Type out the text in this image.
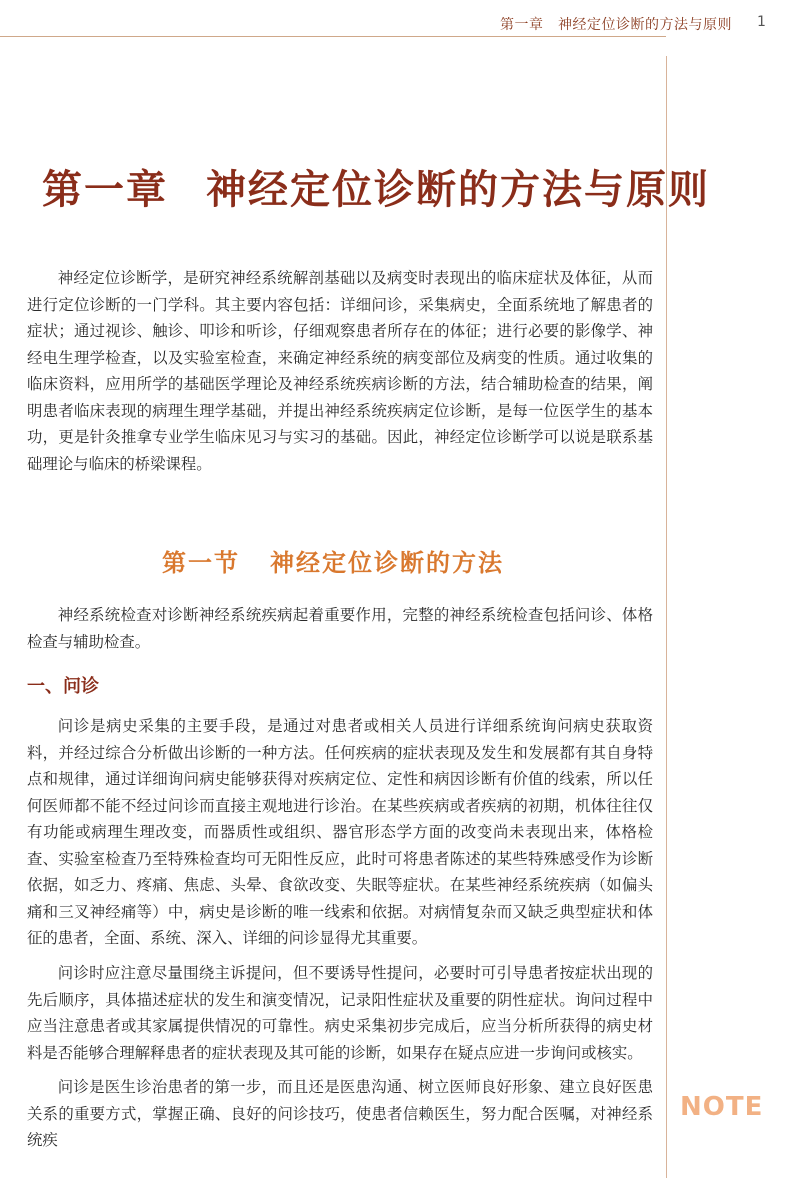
第一章　神经定位诊断的方法与原则 1
第一章 神经定位诊断的方法与原则

神经定位诊断学，是研究神经系统解剖基础以及病变时表现出的临床症状及体征，从而进行定位诊断的一门学科。其主要内容包括：详细问诊，采集病史，全面系统地了解患者的症状；通过视诊、触诊、叩诊和听诊，仔细观察患者所存在的体征；进行必要的影像学、神经电生理学检查，以及实验室检查，来确定神经系统的病变部位及病变的性质。通过收集的临床资料，应用所学的基础医学理论及神经系统疾病诊断的方法，结合辅助检查的结果，阐明患者临床表现的病理生理学基础，并提出神经系统疾病定位诊断，是每一位医学生的基本功，更是针灸推拿专业学生临床见习与实习的基础。因此，神经定位诊断学可以说是联系基础理论与临床的桥梁课程。

第一节 神经定位诊断的方法

神经系统检查对诊断神经系统疾病起着重要作用，完整的神经系统检查包括问诊、体格检查与辅助检查。

一、问诊

问诊是病史采集的主要手段，是通过对患者或相关人员进行详细系统询问病史获取资料，并经过综合分析做出诊断的一种方法。任何疾病的症状表现及发生和发展都有其自身特点和规律，通过详细询问病史能够获得对疾病定位、定性和病因诊断有价值的线索，所以任何医师都不能不经过问诊而直接主观地进行诊治。在某些疾病或者疾病的初期，机体往往仅有功能或病理生理改变，而器质性或组织、器官形态学方面的改变尚未表现出来，体格检查、实验室检查乃至特殊检查均可无阳性反应，此时可将患者陈述的某些特殊感受作为诊断依据，如乏力、疼痛、焦虑、头晕、食欲改变、失眠等症状。在某些神经系统疾病（如偏头痛和三叉神经痛等）中，病史是诊断的唯一线索和依据。对病情复杂而又缺乏典型症状和体征的患者，全面、系统、深入、详细的问诊显得尤其重要。

问诊时应注意尽量围绕主诉提问，但不要诱导性提问，必要时可引导患者按症状出现的先后顺序，具体描述症状的发生和演变情况，记录阳性症状及重要的阴性症状。询问过程中应当注意患者或其家属提供情况的可靠性。病史采集初步完成后，应当分析所获得的病史材料是否能够合理解释患者的症状表现及其可能的诊断，如果存在疑点应进一步询问或核实。

问诊是医生诊治患者的第一步，而且还是医患沟通、树立医师良好形象、建立良好医患关系的重要方式，掌握正确、良好的问诊技巧，使患者信赖医生，努力配合医嘱，对神经系统疾

NOTE
